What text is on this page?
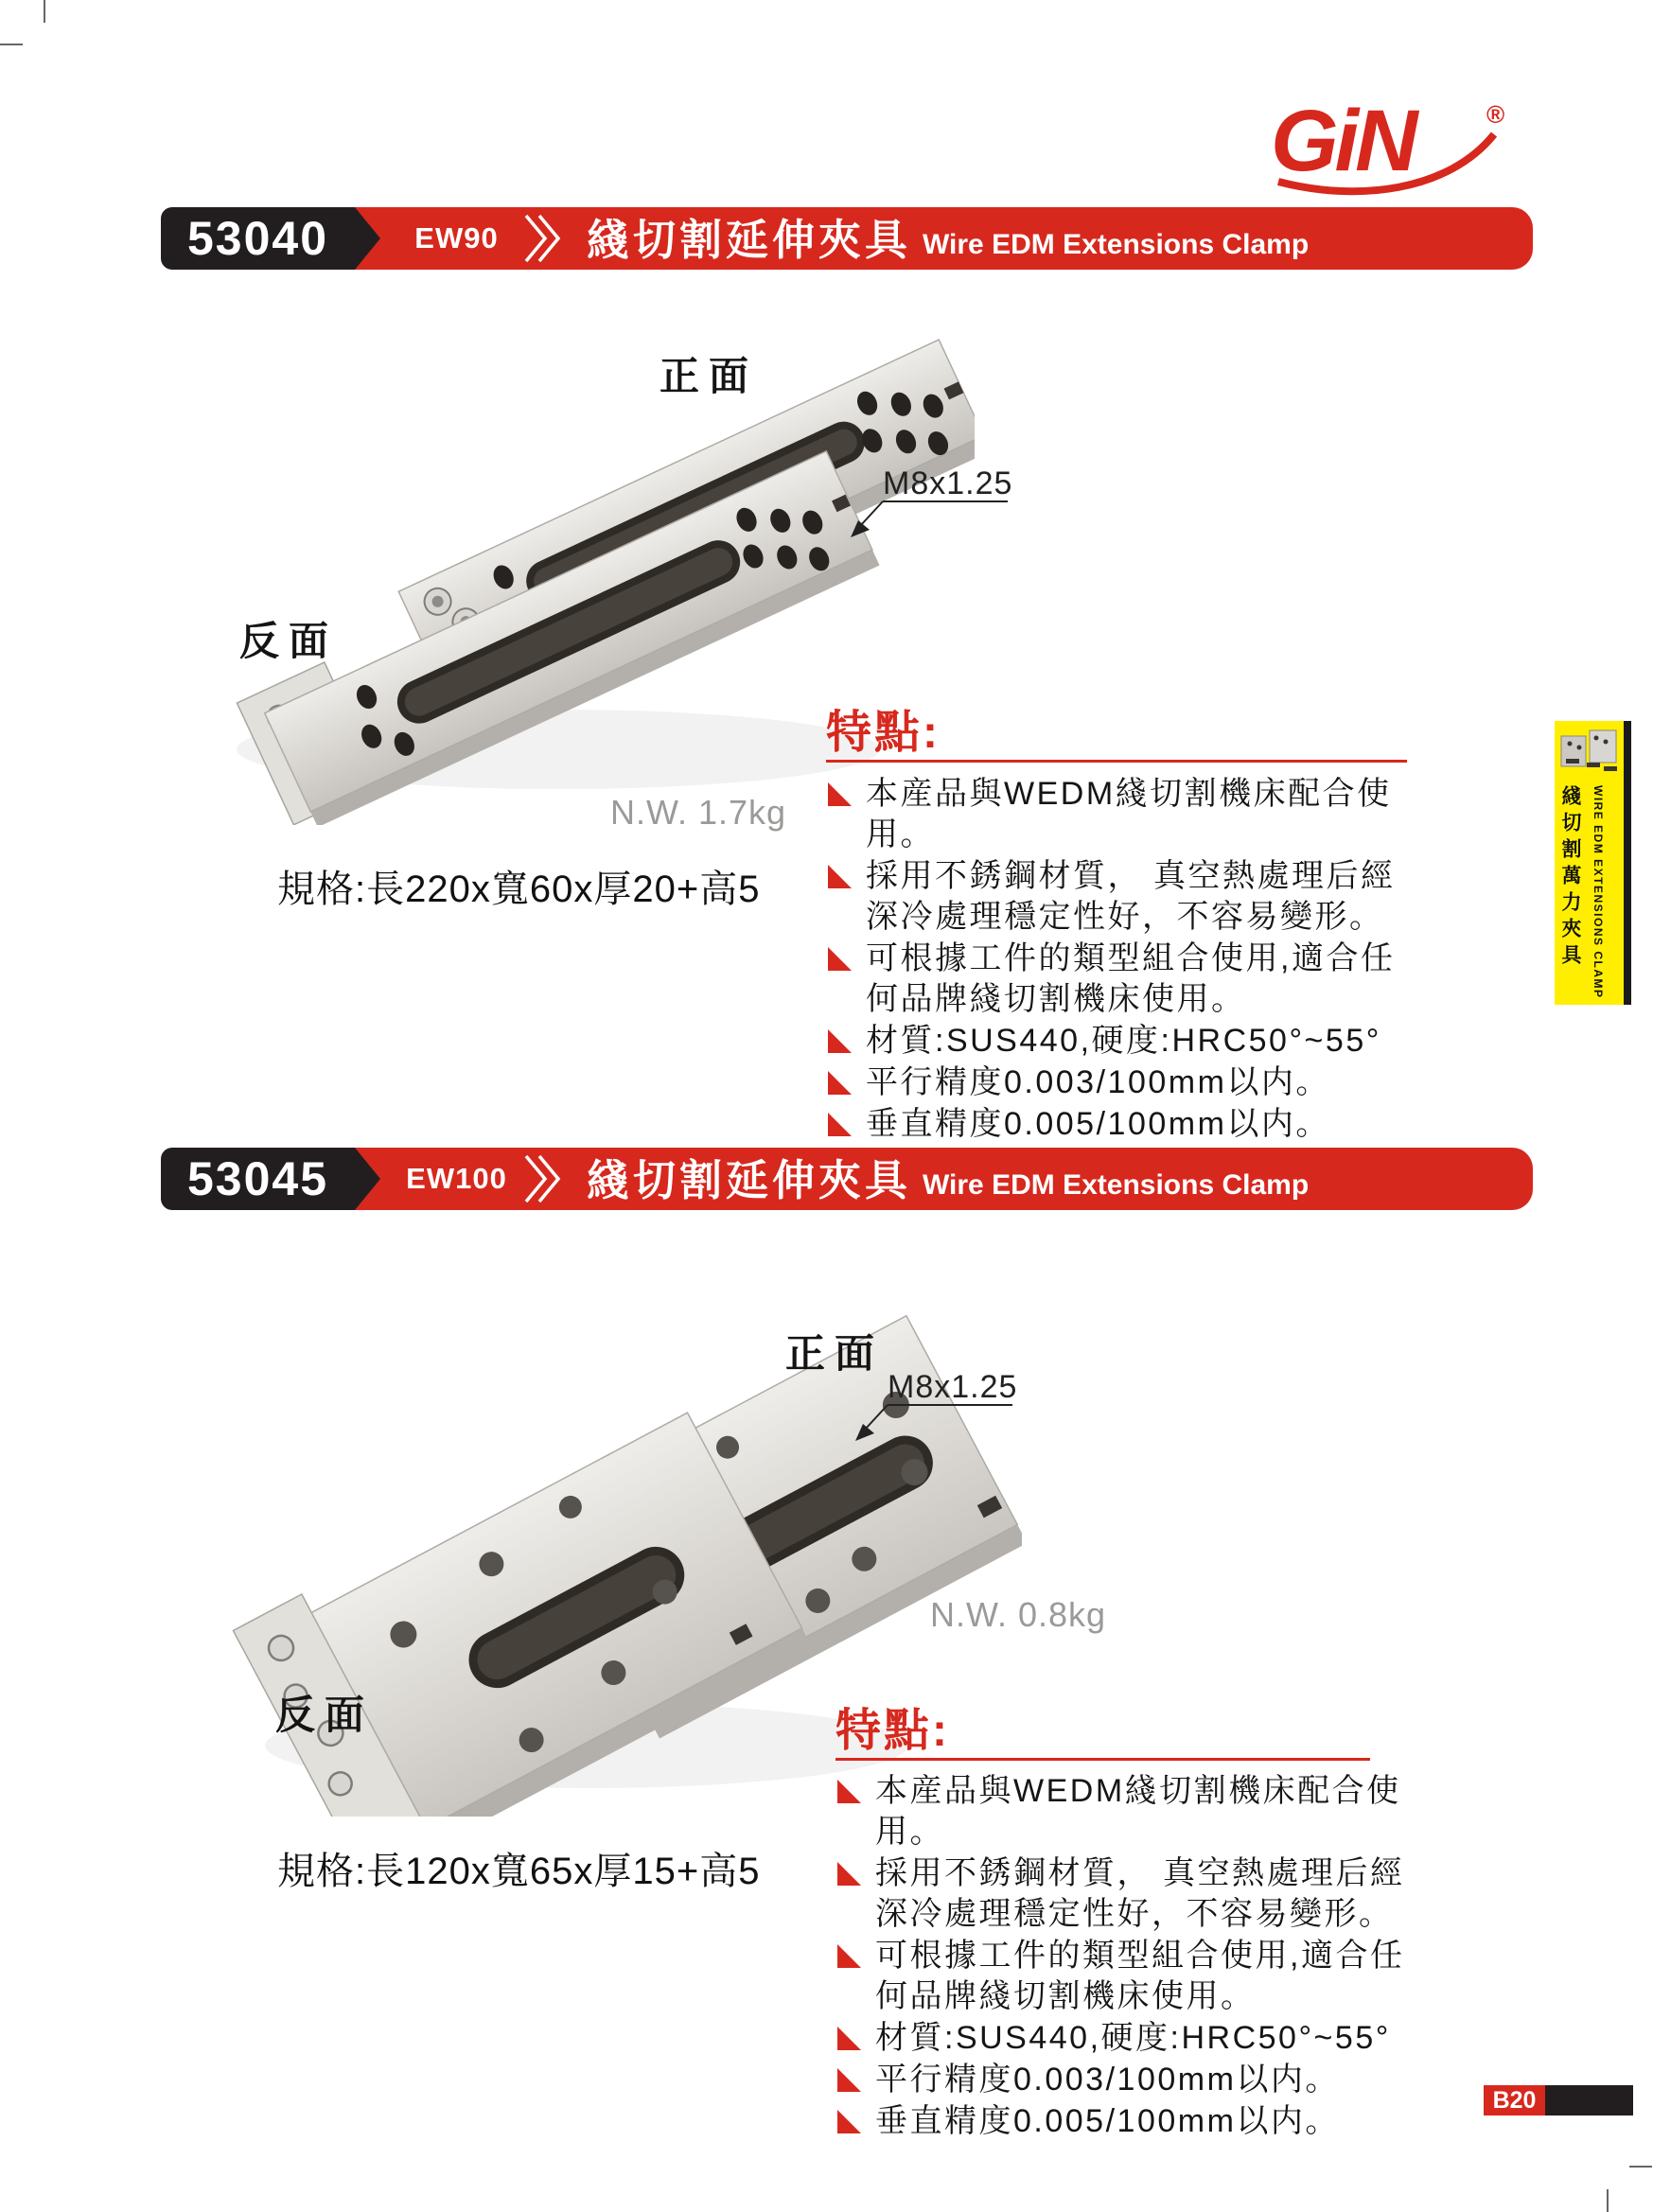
GiN	®
53040	EW90	綫切割延伸夾具 Wire EDM Extensions Clamp
正面
反面
M8x1.25
N.W. 1.7kg
規格:長220x寬60x厚20+高5
特點:
本産品與WEDM綫切割機床配合使用。
採用不銹鋼材質， 真空熱處理后經深冷處理穩定性好，不容易變形。
可根據工件的類型組合使用,適合任何品牌綫切割機床使用。
材質:SUS440,硬度:HRC50°~55°
平行精度0.003/100mm以内。
垂直精度0.005/100mm以内。
綫切割萬力夾具 WIRE EDM EXTENSIONS CLAMP
53045	EW100 綫切割延伸夾具 Wire EDM Extensions Clamp
正面
反面
M8x1.25
N.W. 0.8kg
規格:長120x寬65x厚15+高5
特點:
本産品與WEDM綫切割機床配合使用。
採用不銹鋼材質， 真空熱處理后經深冷處理穩定性好，不容易變形。
可根據工件的類型組合使用,適合任何品牌綫切割機床使用。
材質:SUS440,硬度:HRC50°~55°
平行精度0.003/100mm以内。
垂直精度0.005/100mm以内。
B20
